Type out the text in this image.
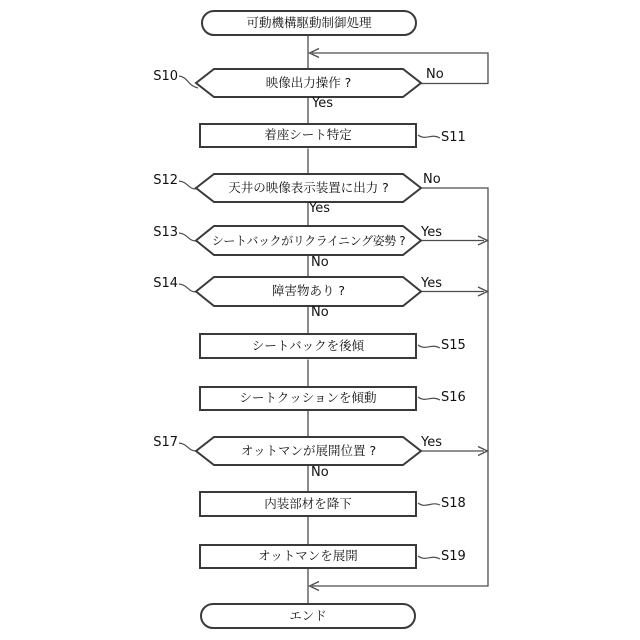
可動機構駆動制御処理
映像出力操作 ?
着座シート特定
天井の映像表示装置に出力 ?
シートバックがリクライニング姿勢 ?
障害物あり ?
シートバックを後傾
シートクッションを傾動
オットマンが展開位置 ?
内装部材を降下
オットマンを展開
エンド
S10
S12
S13
S14
S17
S11
S15
S16
S18
S19
No
Yes
No
Yes
Yes
No
Yes
No
Yes
No
